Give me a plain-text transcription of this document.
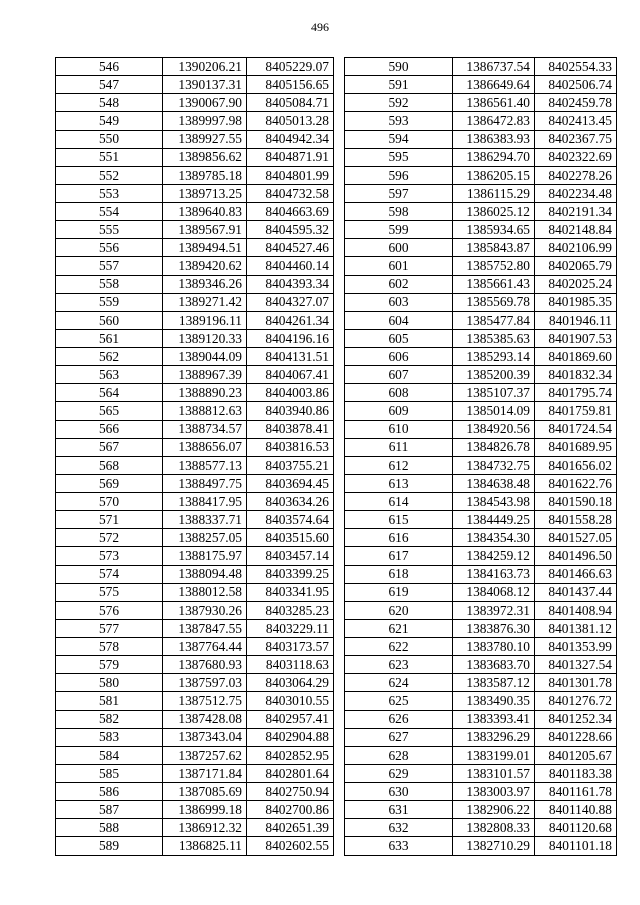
496
546	1390206.21	8405229.07
547	1390137.31	8405156.65
548	1390067.90	8405084.71
549	1389997.98	8405013.28
550	1389927.55	8404942.34
551	1389856.62	8404871.91
552	1389785.18	8404801.99
553	1389713.25	8404732.58
554	1389640.83	8404663.69
555	1389567.91	8404595.32
556	1389494.51	8404527.46
557	1389420.62	8404460.14
558	1389346.26	8404393.34
559	1389271.42	8404327.07
560	1389196.11	8404261.34
561	1389120.33	8404196.16
562	1389044.09	8404131.51
563	1388967.39	8404067.41
564	1388890.23	8404003.86
565	1388812.63	8403940.86
566	1388734.57	8403878.41
567	1388656.07	8403816.53
568	1388577.13	8403755.21
569	1388497.75	8403694.45
570	1388417.95	8403634.26
571	1388337.71	8403574.64
572	1388257.05	8403515.60
573	1388175.97	8403457.14
574	1388094.48	8403399.25
575	1388012.58	8403341.95
576	1387930.26	8403285.23
577	1387847.55	8403229.11
578	1387764.44	8403173.57
579	1387680.93	8403118.63
580	1387597.03	8403064.29
581	1387512.75	8403010.55
582	1387428.08	8402957.41
583	1387343.04	8402904.88
584	1387257.62	8402852.95
585	1387171.84	8402801.64
586	1387085.69	8402750.94
587	1386999.18	8402700.86
588	1386912.32	8402651.39
589	1386825.11	8402602.55
590	1386737.54	8402554.33
591	1386649.64	8402506.74
592	1386561.40	8402459.78
593	1386472.83	8402413.45
594	1386383.93	8402367.75
595	1386294.70	8402322.69
596	1386205.15	8402278.26
597	1386115.29	8402234.48
598	1386025.12	8402191.34
599	1385934.65	8402148.84
600	1385843.87	8402106.99
601	1385752.80	8402065.79
602	1385661.43	8402025.24
603	1385569.78	8401985.35
604	1385477.84	8401946.11
605	1385385.63	8401907.53
606	1385293.14	8401869.60
607	1385200.39	8401832.34
608	1385107.37	8401795.74
609	1385014.09	8401759.81
610	1384920.56	8401724.54
611	1384826.78	8401689.95
612	1384732.75	8401656.02
613	1384638.48	8401622.76
614	1384543.98	8401590.18
615	1384449.25	8401558.28
616	1384354.30	8401527.05
617	1384259.12	8401496.50
618	1384163.73	8401466.63
619	1384068.12	8401437.44
620	1383972.31	8401408.94
621	1383876.30	8401381.12
622	1383780.10	8401353.99
623	1383683.70	8401327.54
624	1383587.12	8401301.78
625	1383490.35	8401276.72
626	1383393.41	8401252.34
627	1383296.29	8401228.66
628	1383199.01	8401205.67
629	1383101.57	8401183.38
630	1383003.97	8401161.78
631	1382906.22	8401140.88
632	1382808.33	8401120.68
633	1382710.29	8401101.18
